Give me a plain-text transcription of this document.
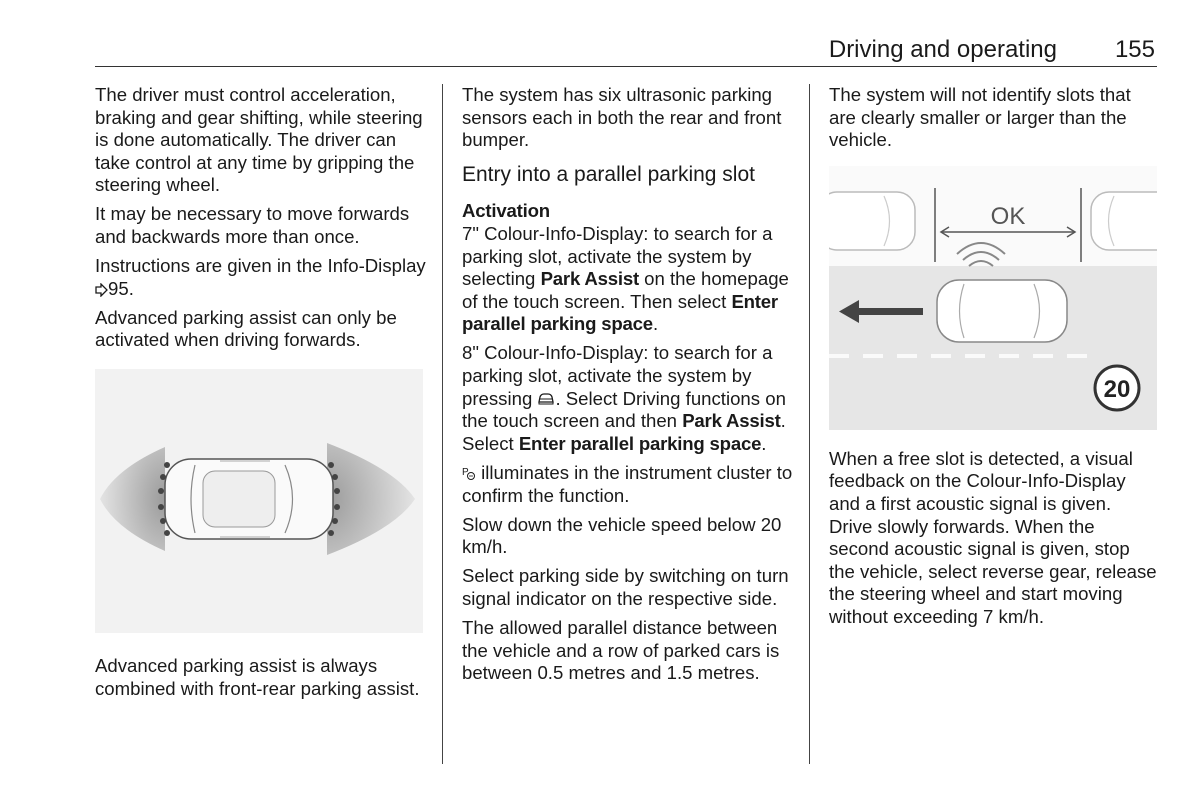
Driving and operating 155

The driver must control acceleration, braking and gear shifting, while steering is done automatically. The driver can take control at any time by gripping the steering wheel.

It may be necessary to move forwards and backwards more than once.

Instructions are given in the Info-Display 95.

Advanced parking assist can only be activated when driving forwards.

Advanced parking assist is always combined with front-rear parking assist.

The system has six ultrasonic parking sensors each in both the rear and front bumper.

Entry into a parallel parking slot
Activation

7" Colour-Info-Display: to search for a parking slot, activate the system by selecting Park Assist on the homepage of the touch screen. Then select Enter parallel parking space.

8" Colour-Info-Display: to search for a parking slot, activate the system by pressing . Select Driving functions on the touch screen and then Park Assist. Select Enter parallel parking space.

P illuminates in the instrument cluster to confirm the function.

Slow down the vehicle speed below 20 km/h.

Select parking side by switching on turn signal indicator on the respective side.

The allowed parallel distance between the vehicle and a row of parked cars is between 0.5 metres and 1.5 metres.

The system will not identify slots that are clearly smaller or larger than the vehicle.

OK
20

When a free slot is detected, a visual feedback on the Colour-Info-Display and a first acoustic signal is given. Drive slowly forwards. When the second acoustic signal is given, stop the vehicle, select reverse gear, release the steering wheel and start moving without exceeding 7 km/h.
